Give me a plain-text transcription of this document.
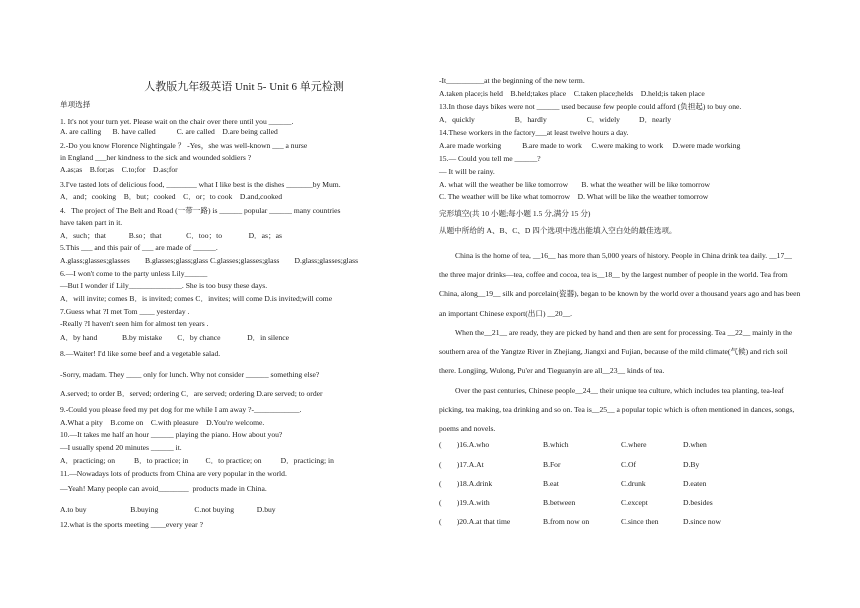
人教版九年级英语 Unit 5- Unit 6 单元检测
单项选择
1. It's not your turn yet. Please wait on the chair over there until you ______.
A. are calling      B. have called           C. are called    D.are being called
2.-Do you know Florence Nightingale ？ -Yes，she was well-known ___ a nurse
in England ___her kindness to the sick and wounded soldiers ?
A.as;as    B.for;as    C.to;for    D.as;for
3.I've tasted lots of delicious food, ________ what I like best is the dishes _______by Mum.
A．and；cooking    B．but；cooked    C．or；to cook    D.and,cooked
4.   The project of The Belt and Road (一带一路) is ______ popular ______ many countries
have taken part in it.
A．such；that            B.so；that             C．too；to              D．as；as
5.This ___ and this pair of ___ are made of ______.
A.glass;glasses;glasses        B.glasses;glass;glass C.glasses;glasses;glass        D.glass;glasses;glass
6.—I won't come to the party unless Lily______
—But I wonder if Lily______________. She is too busy these days.
A．will invite; comes B．is invited; comes C．invites; will come D.is invited;will come
7.Guess what ?I met Tom ____ yesterday .
-Really ?I haven't seen him for almost ten years .
A．by hand             B.by mistake        C．by chance              D．in silence
8.—Waiter! I'd like some beef and a vegetable salad.
-Sorry, madam. They ____ only for lunch. Why not consider ______ something else?
A.served; to order B．served; ordering C．are served; ordering D.are served; to order
9.-Could you please feed my pet dog for me while I am away ?-____________.
A.What a pity    B.come on    C.with pleasure    D.You're welcome.
10.—It takes me half an hour ______ playing the piano. How about you?
—I usually spend 20 minutes ______ it.
A．practicing; on          B．to practice; in         C．to practice; on          D．practicing; in
11.—Nowadays lots of products from China are very popular in the world.
—Yeah! Many people can avoid________  products made in China.
A.to buy                       B.buying                   C.not buying            D.buy
12.what is the sports meeting ____every year ?
-It__________at the beginning of the new term.
A.taken place;is held    B.held;takes place    C.taken place;helds    D.held;is taken place
13.In those days bikes were not ______ used because few people could afford (负担起) to buy one.
A．quickly                     B．hardly                     C．widely          D．nearly
14.These workers in the factory___at least twelve hours a day.
A.are made working           B.are made to work     C.were making to work     D.were made working
15.— Could you tell me ______?
— It will be rainy.
A. what will the weather be like tomorrow       B. what the weather will be like tomorrow
C. The weather will be like what tomorrow    D. What will be like the weather tomorrow
完形填空(共 10 小题;每小题 1.5 分,满分 15 分)
从题中所给的 A、B、C、D 四个选项中选出能填入空白处的最佳选项。
China is the home of tea, __16__ has more than 5,000 years of history. People in China drink tea daily. __17__ the three major drinks—tea, coffee and cocoa, tea is__18__ by the largest number of people in the world. Tea from China, along__19__ silk and porcelain(瓷器), began to be known by the world over a thousand years ago and has been an important Chinese export(出口) __20__.
When the__21__ are ready, they are picked by hand and then are sent for processing. Tea __22__ mainly in the southern area of the Yangtze River in Zhejiang, Jiangxi and Fujian, because of the mild climate(气候) and rich soil there. Longjing, Wulong, Pu'er and Tieguanyin are all__23__ kinds of tea.
Over the past centuries, Chinese people__24__ their unique tea culture, which includes tea planting, tea-leaf picking, tea making, tea drinking and so on. Tea is__25__ a popular topic which is often mentioned in dances, songs, poems and novels.
(        )16.A.who	B.which	C.where	D.when
(        )17.A.At	B.For	C.Of	D.By
(        )18.A.drink	B.eat	C.drunk	D.eaten
(        )19.A.with	B.between	C.except	D.besides
(        )20.A.at that time	B.from now on	C.since then	D.since now
